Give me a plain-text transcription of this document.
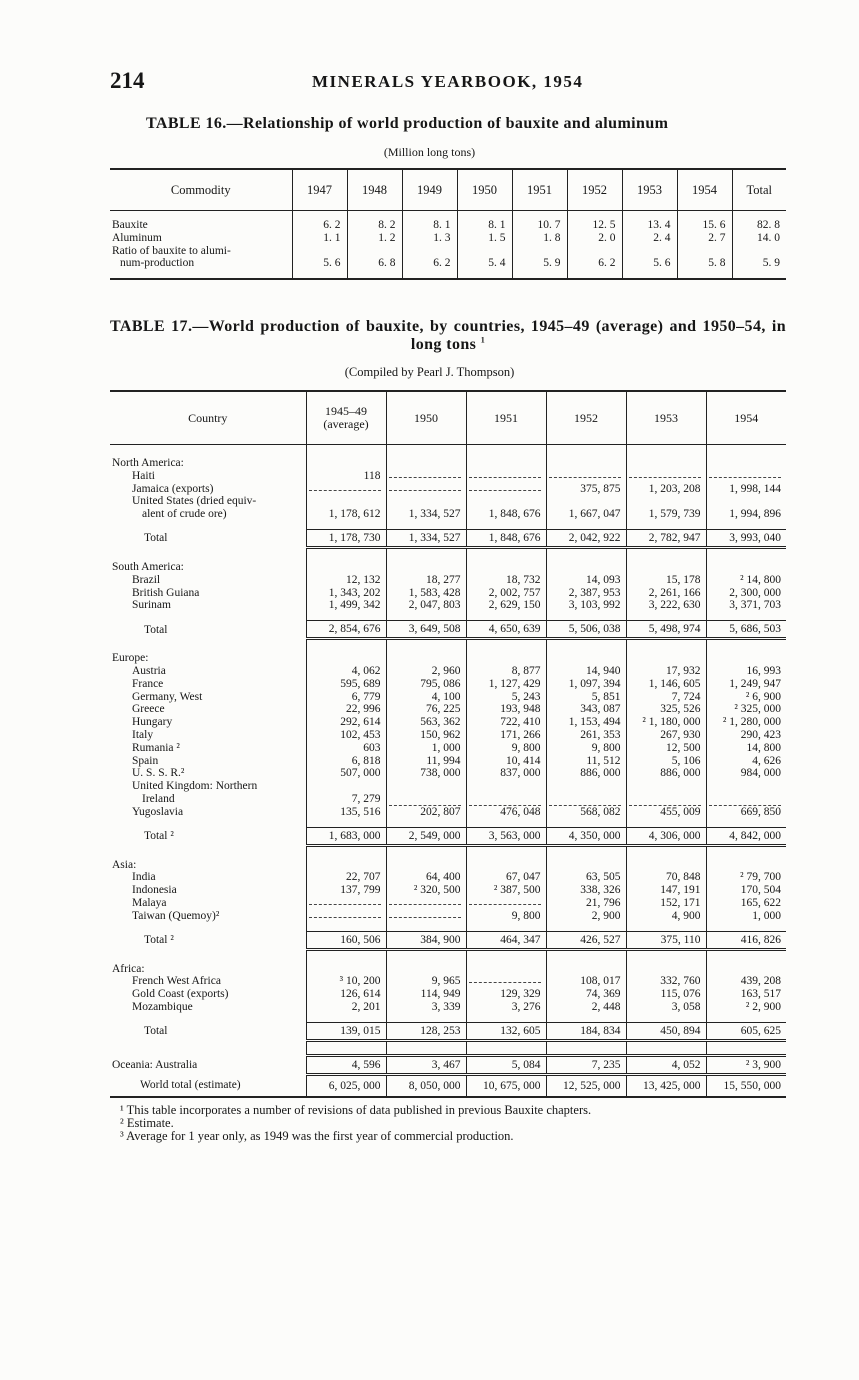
214	MINERALS YEARBOOK, 1954
TABLE 16.—Relationship of world production of bauxite and aluminum
(Million long tons)
Commodity	1947	1948	1949	1950	1951	1952	1953	1954	Total

Bauxite	6. 2	8. 2	8. 1	8. 1	10. 7	12. 5	13. 4	15. 6	82. 8

Aluminum	1. 1	1. 2	1. 3	1. 5	1. 8	2. 0	2. 4	2. 7	14. 0

Ratio of bauxite to alumi-
num-production	5. 6	6. 8	6. 2	5. 4	5. 9	6. 2	5. 6	5. 8	5. 9

TABLE 17.—World production of bauxite, by countries, 1945–49 (average) and 1950–54, in long tons $^1$
(Compiled by Pearl J. Thompson)
Country	1945–49 (average)	1950	1951	1952	1953	1954

North America:						

Haiti	118	

Jamaica (exports)				375, 875	1, 203, 208	1, 998, 144

United States (dried equiv-
alent of crude ore)	1, 178, 612	1, 334, 527	1, 848, 676	1, 667, 047	1, 579, 739	1, 994, 896

Total	1, 178, 730	1, 334, 527	1, 848, 676	2, 042, 922	2, 782, 947	3, 993, 040

South America:						

Brazil	12, 132	18, 277	18, 732	14, 093	15, 178	² 14, 800

British Guiana	1, 343, 202	1, 583, 428	2, 002, 757	2, 387, 953	2, 261, 166	2, 300, 000

Surinam	1, 499, 342	2, 047, 803	2, 629, 150	3, 103, 992	3, 222, 630	3, 371, 703

Total	2, 854, 676	3, 649, 508	4, 650, 639	5, 506, 038	5, 498, 974	5, 686, 503

Europe:						

Austria	4, 062	2, 960	8, 877	14, 940	17, 932	16, 993

France	595, 689	795, 086	1, 127, 429	1, 097, 394	1, 146, 605	1, 249, 947

Germany, West	6, 779	4, 100	5, 243	5, 851	7, 724	² 6, 900

Greece	22, 996	76, 225	193, 948	343, 087	325, 526	² 325, 000

Hungary	292, 614	563, 362	722, 410	1, 153, 494	² 1, 180, 000	² 1, 280, 000

Italy	102, 453	150, 962	171, 266	261, 353	267, 930	290, 423

Rumania ²	603	1, 000	9, 800	9, 800	12, 500	14, 800

Spain	6, 818	11, 994	10, 414	11, 512	5, 106	4, 626

U. S. S. R.²	507, 000	738, 000	837, 000	886, 000	886, 000	984, 000

United Kingdom: Northern
Ireland	7, 279	

Yugoslavia	135, 516	202, 807	476, 048	568, 082	455, 009	669, 850

Total ²	1, 683, 000	2, 549, 000	3, 563, 000	4, 350, 000	4, 306, 000	4, 842, 000

Asia:						

India	22, 707	64, 400	67, 047	63, 505	70, 848	² 79, 700

Indonesia	137, 799	² 320, 500	² 387, 500	338, 326	147, 191	170, 504

Malaya				21, 796	152, 171	165, 622

Taiwan (Quemoy)²			9, 800	2, 900	4, 900	1, 000

Total ²	160, 506	384, 900	464, 347	426, 527	375, 110	416, 826

Africa:						

French West Africa	³ 10, 200	9, 965		108, 017	332, 760	439, 208

Gold Coast (exports)	126, 614	114, 949	129, 329	74, 369	115, 076	163, 517

Mozambique	2, 201	3, 339	3, 276	2, 448	3, 058	² 2, 900

Total	139, 015	128, 253	132, 605	184, 834	450, 894	605, 625

Oceania: Australia	4, 596	3, 467	5, 084	7, 235	4, 052	² 3, 900
World total (estimate)	6, 025, 000	8, 050, 000	10, 675, 000	12, 525, 000	13, 425, 000	15, 550, 000
¹ This table incorporates a number of revisions of data published in previous Bauxite chapters.
² Estimate.
³ Average for 1 year only, as 1949 was the first year of commercial production.
